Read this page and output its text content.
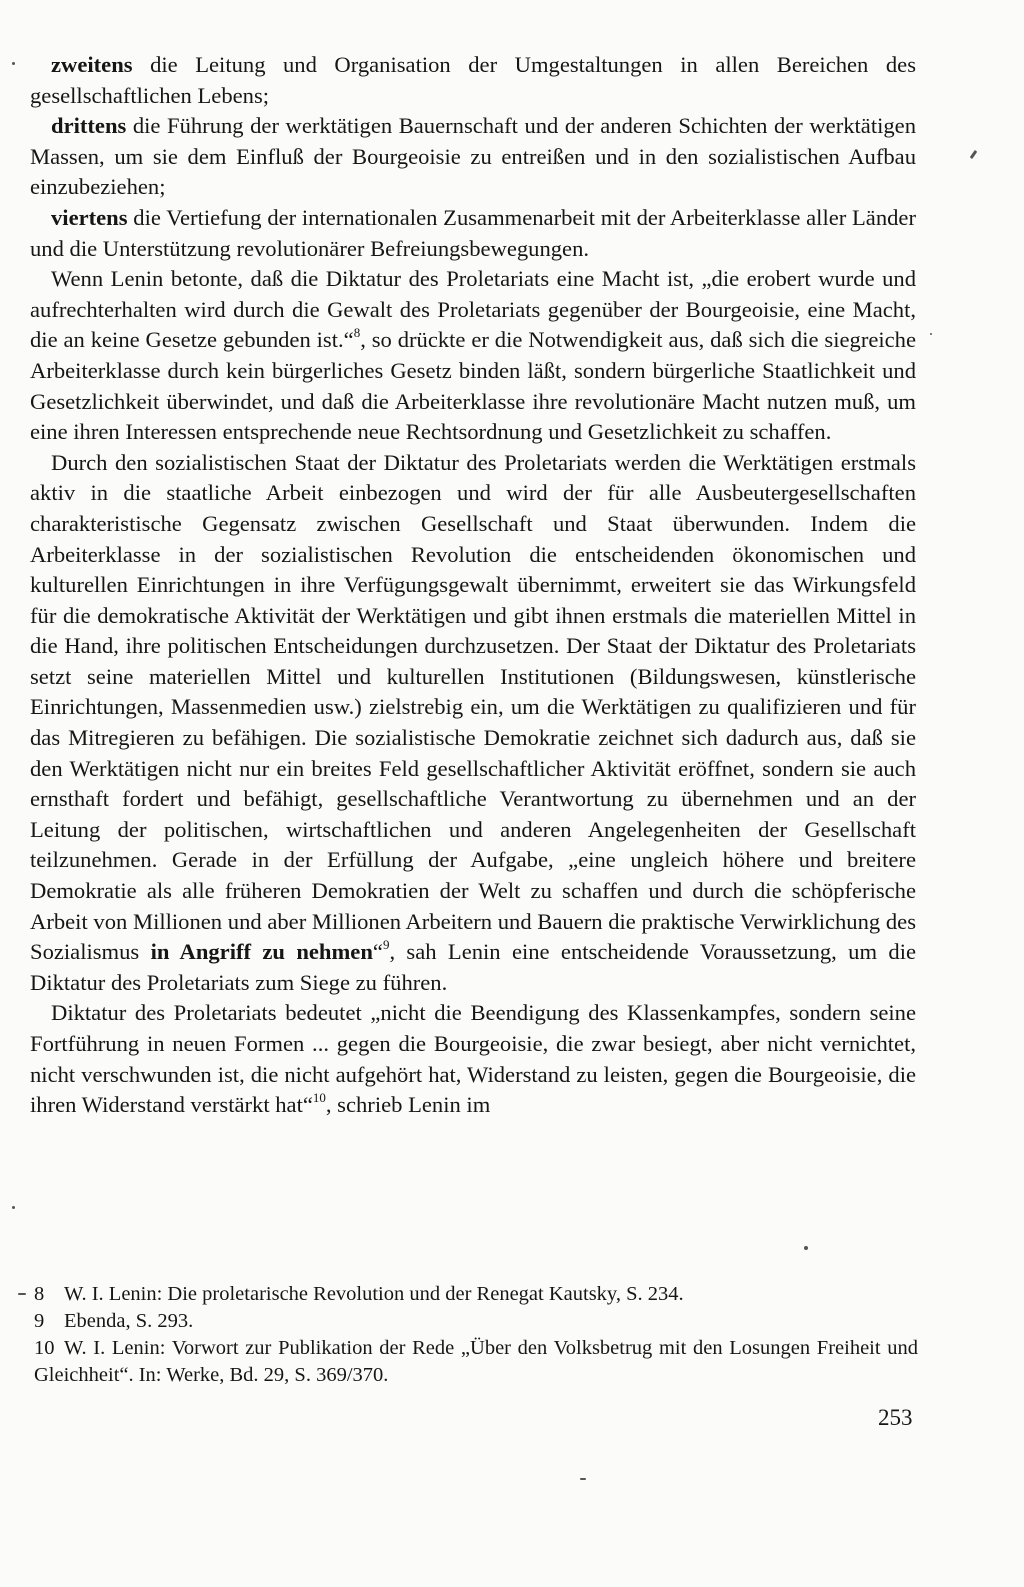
zweitens die Leitung und Organisation der Umgestaltungen in allen Bereichen des gesellschaftlichen Lebens;

drittens die Führung der werktätigen Bauernschaft und der anderen Schichten der werktätigen Massen, um sie dem Einfluß der Bourgeoisie zu entreißen und in den sozialistischen Aufbau einzubeziehen;

viertens die Vertiefung der internationalen Zusammenarbeit mit der Arbeiterklasse aller Länder und die Unterstützung revolutionärer Befreiungsbewegungen.

Wenn Lenin betonte, daß die Diktatur des Proletariats eine Macht ist, „die erobert wurde und aufrechterhalten wird durch die Gewalt des Proletariats gegenüber der Bourgeoisie, eine Macht, die an keine Gesetze gebunden ist.“$^8$, so drückte er die Notwendigkeit aus, daß sich die siegreiche Arbeiterklasse durch kein bürgerliches Gesetz binden läßt, sondern bürgerliche Staatlichkeit und Gesetzlichkeit überwindet, und daß die Arbeiterklasse ihre revolutionäre Macht nutzen muß, um eine ihren Interessen entsprechende neue Rechtsordnung und Gesetzlichkeit zu schaffen.

Durch den sozialistischen Staat der Diktatur des Proletariats werden die Werktätigen erstmals aktiv in die staatliche Arbeit einbezogen und wird der für alle Ausbeutergesellschaften charakteristische Gegensatz zwischen Gesellschaft und Staat überwunden. Indem die Arbeiterklasse in der sozialistischen Revolution die entscheidenden ökonomischen und kulturellen Einrichtungen in ihre Verfügungsgewalt übernimmt, erweitert sie das Wirkungsfeld für die demokratische Aktivität der Werktätigen und gibt ihnen erstmals die materiellen Mittel in die Hand, ihre politischen Entscheidungen durchzusetzen. Der Staat der Diktatur des Proletariats setzt seine materiellen Mittel und kulturellen Institutionen (Bildungswesen, künstlerische Einrichtungen, Massenmedien usw.) zielstrebig ein, um die Werktätigen zu qualifizieren und für das Mitregieren zu befähigen. Die sozialistische Demokratie zeichnet sich dadurch aus, daß sie den Werktätigen nicht nur ein breites Feld gesellschaftlicher Aktivität eröffnet, sondern sie auch ernsthaft fordert und befähigt, gesellschaftliche Verantwortung zu übernehmen und an der Leitung der politischen, wirtschaftlichen und anderen Angelegenheiten der Gesellschaft teilzunehmen. Gerade in der Erfüllung der Aufgabe, „eine ungleich höhere und breitere Demokratie als alle früheren Demokratien der Welt zu schaffen und durch die schöpferische Arbeit von Millionen und aber Millionen Arbeitern und Bauern die praktische Verwirklichung des Sozialismus in Angriff zu nehmen“$^9$, sah Lenin eine entscheidende Voraussetzung, um die Diktatur des Proletariats zum Siege zu führen.

Diktatur des Proletariats bedeutet „nicht die Beendigung des Klassenkampfes, sondern seine Fortführung in neuen Formen ... gegen die Bourgeoisie, die zwar besiegt, aber nicht vernichtet, nicht verschwunden ist, die nicht aufgehört hat, Widerstand zu leisten, gegen die Bourgeoisie, die ihren Widerstand verstärkt hat“$^{10}$, schrieb Lenin im

8 W. I. Lenin: Die proletarische Revolution und der Renegat Kautsky, S. 234.

9 Ebenda, S. 293.

10 W. I. Lenin: Vorwort zur Publikation der Rede „Über den Volksbetrug mit den Losungen Freiheit und Gleichheit“. In: Werke, Bd. 29, S. 369/370.

253
